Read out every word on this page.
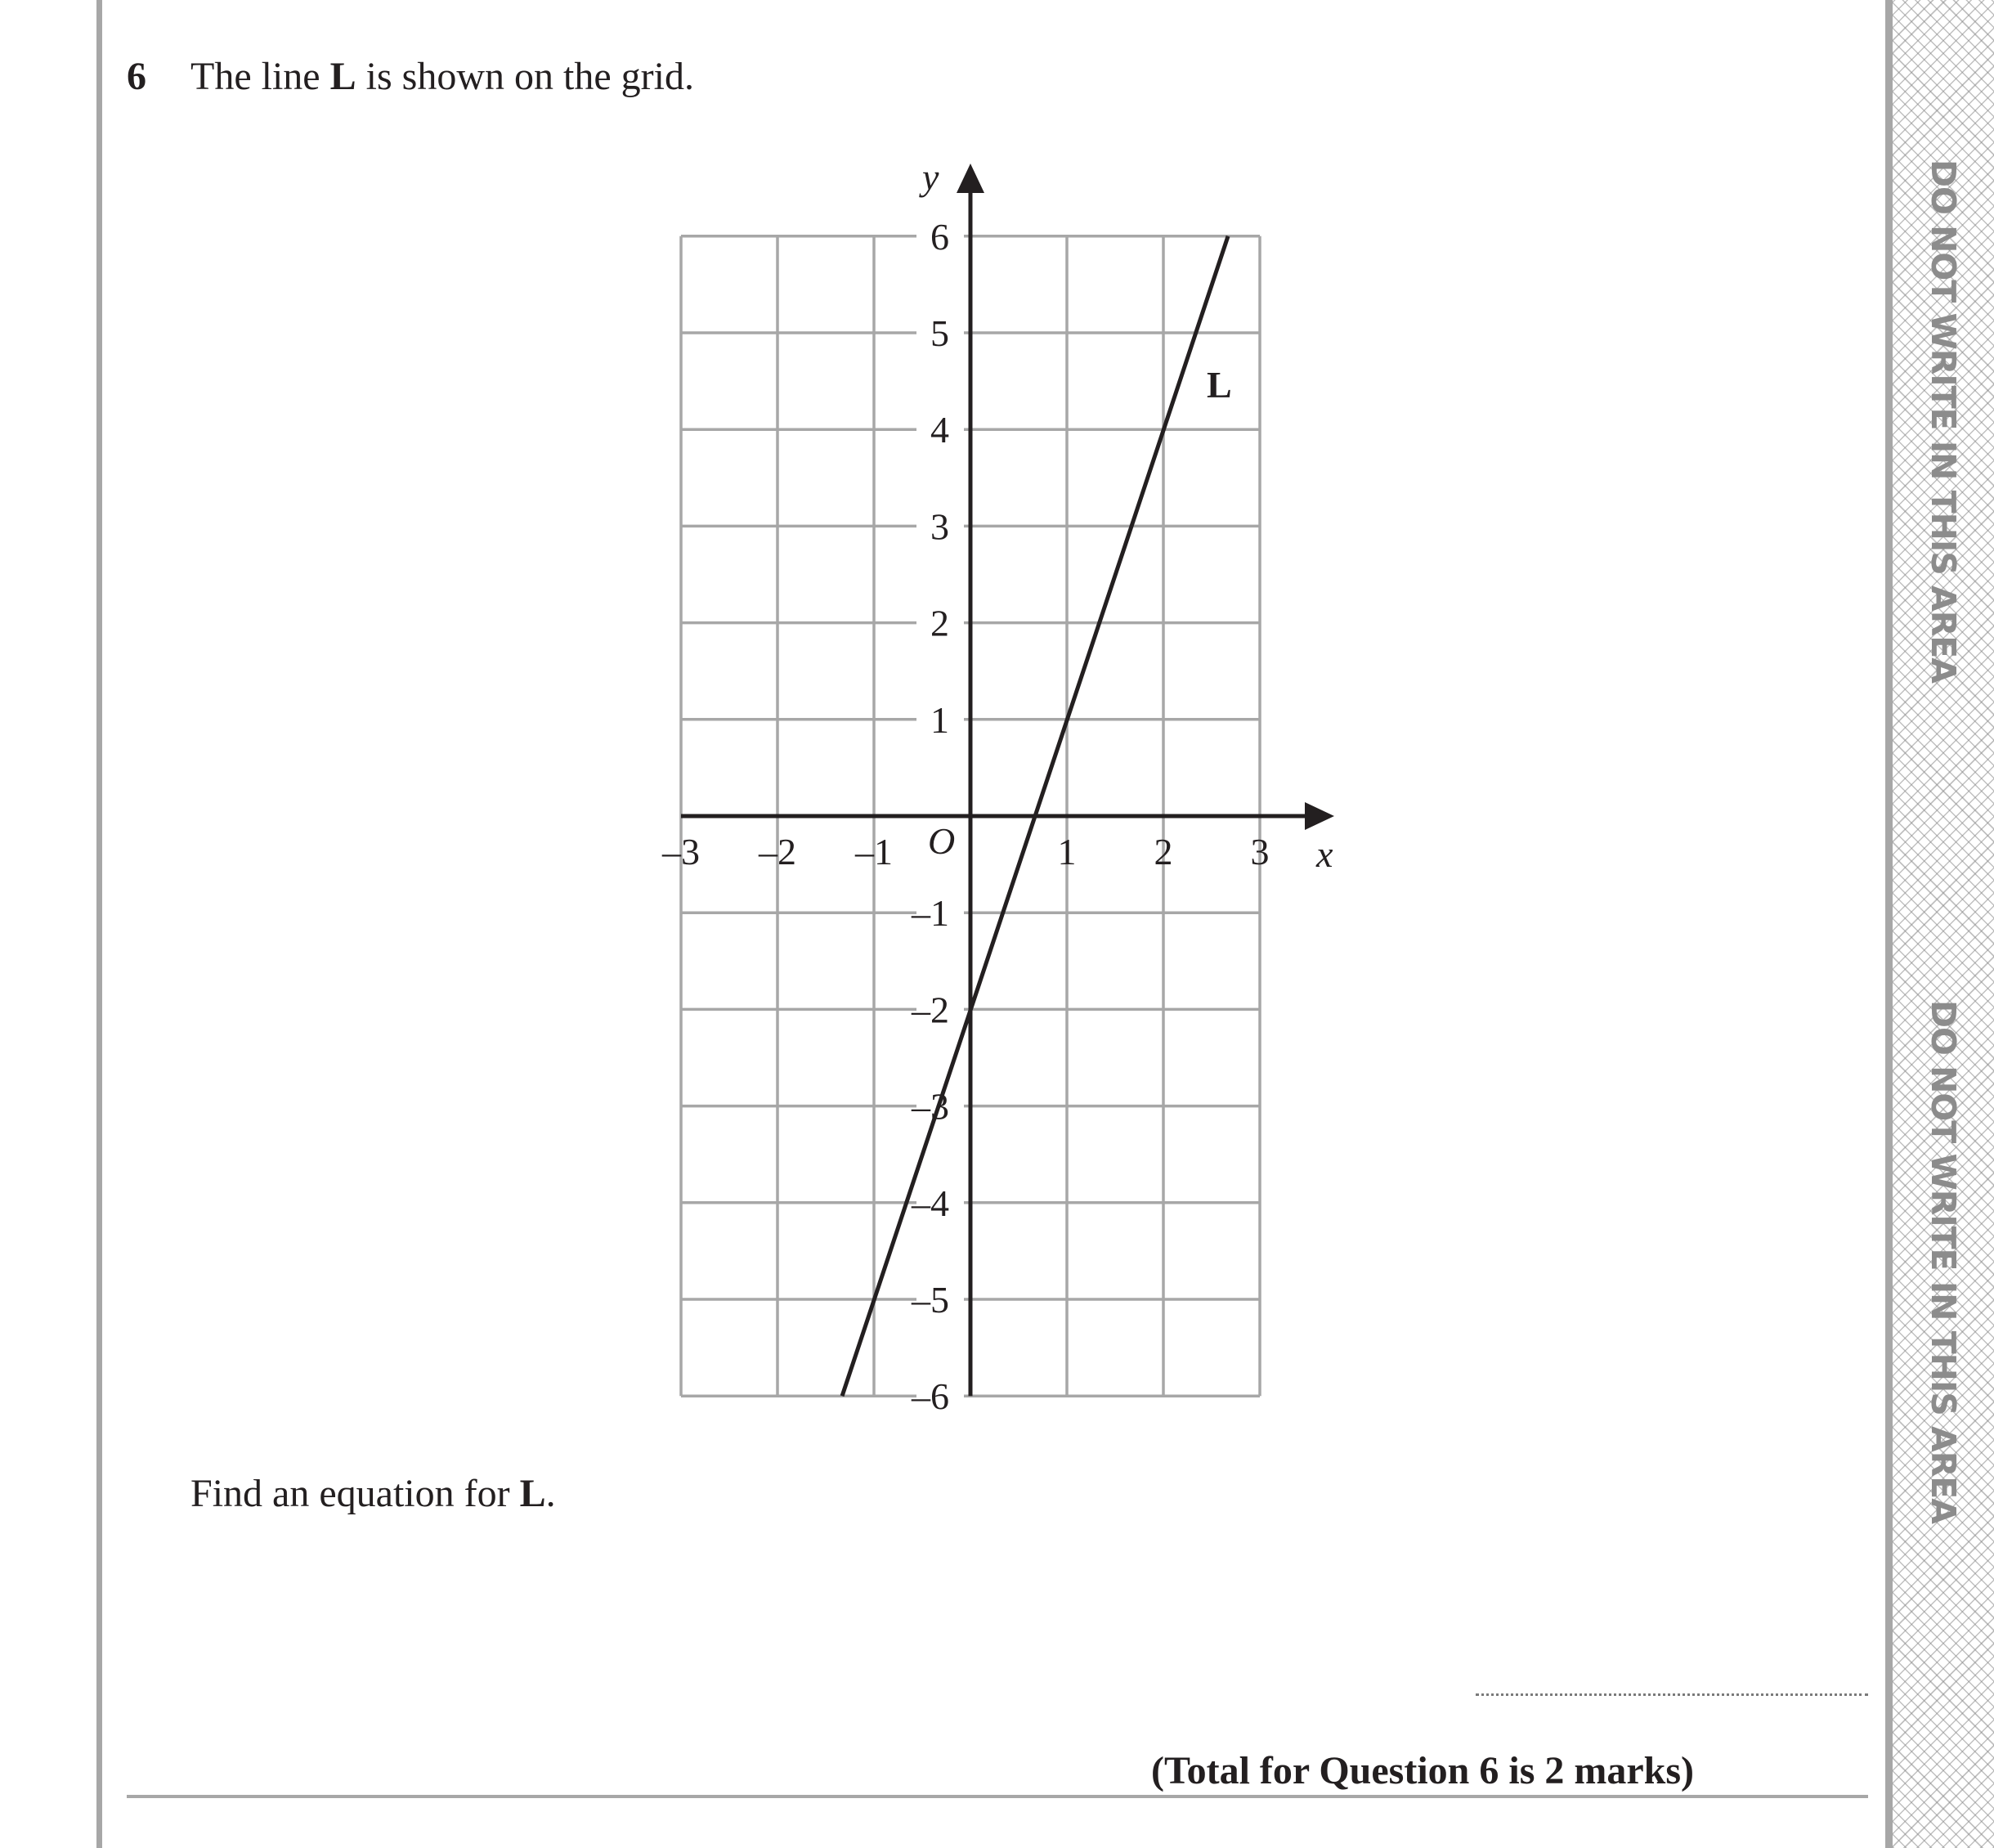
DO NOT WRITE IN THIS AREA
DO NOT WRITE IN THIS AREA
6 The line L is shown on the grid.
–3 –2 –1	1 2 3
6
5
4
3
2
1
–1
–2
–3
–4
–5
–6
x
y
O
L
Find an equation for L.
(Total for Question 6 is 2 marks)
